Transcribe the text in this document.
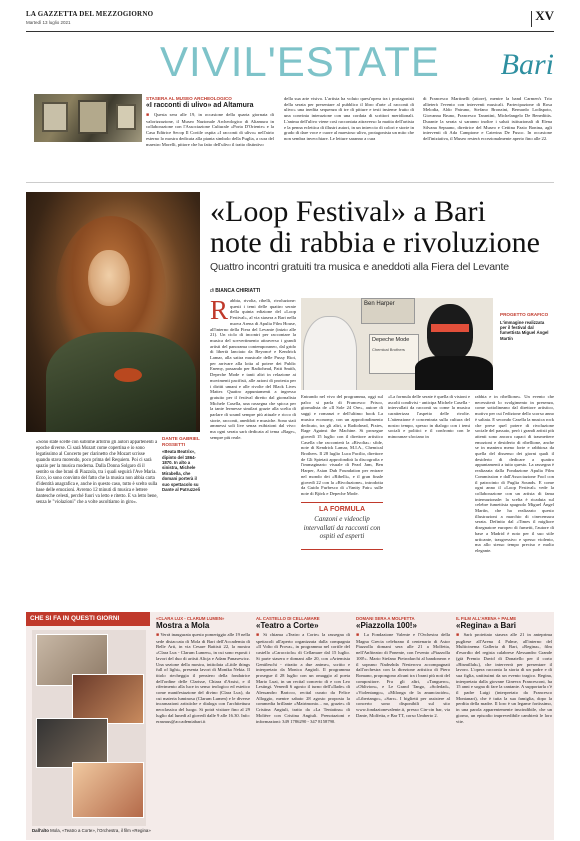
LA GAZZETTA DEL MEZZOGIORNO
Martedì 13 luglio 2021	XV
VIVIL'ESTATE Bari
STASERA AL MUSEO ARCHEOLOGICO
«I racconti di ulivo» ad Altamura
■ Questa sera alle 19, in occasione della quarta giornata di valorizzazione, il Museo Nazionale Archeologico di Altamura in collaborazione con l'Associazione Culturale «Porta D'Oriente» e la Casa Editrice Secop Il Cortile ospita «I racconti di ulivo» nell'atrio esterno lo mostra dedicata alla pianta simbolo della Puglia, a cura del maestro Morelli, pittore che ha fatto dell'ulivo il tratto distintivo
della sua arte visiva. L'artista ha voluto quest'opera tra i protagonisti della serata per presentare al pubblico il libro d'arte «I racconti di ulivo» una inedita sequenza di tre di pitture e testi insieme frutto di una convinta interazione con una cordata di scrittori meridionali. L'anima dell'ulivo viene così raccontata attraverso la matita dell'artista e la penna eclettica di illustri autori, in un intreccio di colori e storie in grado di dare voce e cuore al maestoso ulivo, protagonista un mito che non sembra invecchiare. Le letture saranno a cura
di Francesco Martinelli (attore), mentre la band Carmen's Trio allieterà l'evento con interventi musicali. Partecipazione di Rosa Melodia, Aldo Patruno, Stefano Bronzini, Bernardo Lodispoto, Giovanna Bruno, Francesco Tarantini, Michelangelo De Benedittis. Durante la serata si saranno inoltre i saluti istituzionali di Elena Silvana Sepuano, direttrice del Museo e Cettina Fazio Bonina, agli interventi di Ada Campione e Caterina De Fusco. In occasione dell'iniziativa, il Museo resterà eccezionalmente aperto fino alle 22.
«Sono state scelte con sublime arbitrio gli autori appartenenti a epoche diverse. Ci sarà Mozart come copertina e io sono legatissimo al Concerto per clarinetto che Mozart scrisse quando stava morendo, poco prima del Requiem. Poi ci sarà spazio per la musica moderna. Dalla Donna Solgaro di il sentito su due brani di Piazzola, tra i quali seguirà l'Ave Maria. Ecco, io sono convinto del fatto che la musica non abbia carta d'identità anagrafica e, anche in questo caso, tutto è scelto sulla base delle emozioni. Avremo 12 minuti di musica e lettere dantesche celesti, perché fuori va letto e ritetto. E va letto bene, senza le "violazioni" che a volte ascoltiamo in giro».
DANTE GABRIEL ROSSETTI
«Beata Beatrix», dipinto del 1864-1870. In alto a sinistra, Michele Mirabella, che domani porterà il suo spettacolo su Dante al Patruzzeli
«Loop Festival» a Bari
note di rabbia e rivoluzione
Quattro incontri gratuiti tra musica e aneddoti alla Fiera del Levante
di BIANCA CHIRIATTI
R abbia, rivolta, ribelli, rivoluzione: questi i temi delle quattro serate della quinta edizione del «Loop Festival», al via stasera a Bari nella nuova Arena di Apulia Film House, all'interno della Fiera del Levante (inizio alle 21). Un ciclo di incontri per raccontare la musica del sovvertimento attraverso i grandi artisti del panorama contemporaneo, dal grido di libertà lanciato da Beyoncé e Kendrick Lamar, alla satira musicale delle Pussy Riot, per arrivare alla lotta al potere dei Public Enemy, passando per Radiohead, Patti Smith, Depeche Mode e tanti altri in relazione ai movimenti pacifisti, alle azioni di protesta per i diritti umani e alle rivolte del Black Lives Matter. Quattro appuntamenti a ingresso gratuito per il festival diretto dal giornalista Michele Casella, una rassegna che spicca per la tante lermesse similari grazie alla scelta di parlare di sound sempre più attuale e ricco di storie, racconti, aneddoti e musiche. Sono stati ammessi soli live senza esibizioni dal vivo: ma ogni serata sarà dedicata al tema «Rage», sempre più reale.
Ben Harper
Depeche Mode
Chemical Brothers
PROGETTO GRAFICO
L'immagine realizzata per il festival dal fumettista Miguel Ángel Martín
Entrando nel vivo del programma, oggi sul palco si parla di Francesco Prisco, giornalista de «Il Sole 24 Ore», autore di saggi e romanzi e dell'ultimo book La musica economy, con un approfondimento dedicato, tra gli altri, a Radiohead, Pixies, Rage Against the Machine. Si prosegue giovedì 15 luglio con il direttore artistico Casella che racconterà la «Rivolta»: sfide, note di Kendrick Lamar, M.I.A., Chemical Brothers. Il 28 luglio Luca Pacilio, direttore de Gli Spietati approfondirà la discografia e l'immaginario visuale di Pearl Jam, Ben Harper, Asian Dub Foundation per entrare nel mondo dei «Ribelli», e il gran finale giovedì 22 con la «Rivoluzione», introdotta da Guido Furbesco di «Vanity Fair» sulle note di Björk e Depeche Mode.
LA FORMULA
Canzoni e videoclip intervallati da racconti con ospiti ed esperti
«La formula delle serate è quella di visioni e ascolti condivisi - anticipa Michele Casella - intervallati da racconti su come la musica caratterizza l'aspetto delle rivolte. L'attenzione è concentrata sulla cultura del nostro tempo, spesso in dialogo con i temi sociali e politici e il confronto con le minoranze sfociano in
rabbia e in ribellione». Un evento che necessiterà lo svolgimento in presenza, come sottolineano dal direttore artistico, motivo per cui l'edizione dello scorso anno è saltata. E secondo Casella la musica rock che prese quel potere di rivoluzione sociale del passato, però i grandi artisti più attenti sono ancora capaci di trasmettere emozioni e desiderio di ribellione, anche se in maniera meno forte e rabbiosa da quella del dissenso dei giorni quali il desiderio di dedicare a quattro appuntamenti a tutto questo. La rassegna è realizzata dalla Fondazione Apulia Film Commission e dall'Associazione Fool con il patrocinio di Puglia Sounds. E come ogni anno il «Loop Festival» vede la collaborazione con un artista di fama internazionale: la scelta è ricaduta sul celebre fumettista spagnolo Miguel Ángel Martín, che ha realizzato questo illustrazioni a marchio di cinecensura serata. Definito dal «Times il migliore disegnatore europeo di fumetti, l'autore di base a Madrid è noto per il suo stile urticante, trasgressivo e spesso violento, ma allo stesso tempo preciso e molto elegante.
CHE SI FA IN QUESTI GIORNI
Dall'alto Mola, «Teatro a Corte», l'Orchestra, il film «Regina»
«CLARA LUX - CLARUM LUMEN»
Mostra a Mola
■ Verrà inaugurata questo pomeriggio alle 19 nella sede distaccata di Mola di Bari dell'Accademia di Belle Arti, in via Cesare Battisti 22, la mostra «Clara Lux - Clarum Lumen», in cui sono esposti i lavori del duo di artisti Alicja e Adam Panasewicz. Una sezione della mostra, intitolata «Little things full of light», presenta lavori di Monika Nekta. Il titolo riecheggia il pensiero della fondatrice dell'ordine delle Clarisse, Chiara d'Assisi, e il riferimento alla luce in senso teologico ed estetico come manifestazione del divino (Clara Lux), da cui materia luminosa (Clarum Lumen) e le diverse incarnazioni artistiche e dialoga con l'architettura neoclassica del luogo. Si potrà visitare fino al 29 luglio dal lunedì al giovedì dalle 9 alle 16.30. Info: erasmus@accademiabari.it
AL CASTELLO DI CELLAMARE
«Teatro a Corte»
■ Si chiama «Teatro a Corte» la rassegna di spettacoli all'aperto organizzata dalla compagnia «Il Volto di Prova», in programma nel cortile del castello «Caracciolo» di Cellamare dal 15 luglio. Si parte stasera e domani alle 20, con «Artemisia Gentileschi - ritratto a due anime», scritto e interpretato da Monica Angioli. Il programma prosegue il 28 luglio con un omaggio al poeta Mario Luzi, in un recital concerto di e con Leo Lestingi. Venerdì 6 agosto il turno dell'«Ilade» di Alessandro Baricco, recital curato da Felice Alloggio, mentre sabato 28 agosto proposta la commedia brillante «Matrimonio... no, grazie» di Cristina Angiuli, tratto da «La Tentatina» di Molière con Cristina Angiuli. Prenotazioni e informazioni: 349 1786290 - 347 8158790.
DOMANI SERA A MOLFETTA
«Piazzolla 100!»
■ La Fondazione Valente e l'Orchestra della Magna Grecia celebrano il centenario di Astor Piazzolla domani sera alle 21 a Molfetta, nell'Anfiteatro di Ponente, con l'evento «Piazzolla 100!». Mario Stefano Pietrodarchi al bandoneon e il soprano Nadezhda Nesterova accompagnati dall'orchestra con la direzione artistica di Piero Romano, propongono alcuni tra i brani più noti del compositore. Fra gli altri, «Tanguero», «Oblivion», e Le Grand Tango, «Soledad», «Violentango», «Milonga de la anunciación», «Libertango», «Sarr». I biglietti per assistere al concerto sono disponibili sul sito www.fondazionevalente.it, presso Cin-cin bar, via Dante, Molfetta, e Bar TT, corso Umberto 2.
IL FILM ALL'ARENA + PALME
«Regina» a Bari
■ Sarà proiettato stasera alle 21 in anteprima pugliese all'Arena 4 Palme, all'interno del Multicinema Galleria di Bari, «Regina», film d'esordio del regista calabrese Alessandro Grande (già Premio David di Donatello per il corto «Bismillah»), che interverrà per presentare il lavoro. L'opera racconta la storia di un padre e di sua figlia, unitissimi da un evento tragico. Regina, interpretata dalla giovane Ginevra Francesconi, ha 15 anni e sogna di fare la cantante. A supportarla c'è il padre Luigi (interpretato da Francesco Montanari), che è tutta la sua famiglia, dopo la perdita della madre. Il loro è un legame fortissimo, in una parola apparentemente inscindibile, che un giorno, un episodio imprevedibile cambierà le loro vite.
